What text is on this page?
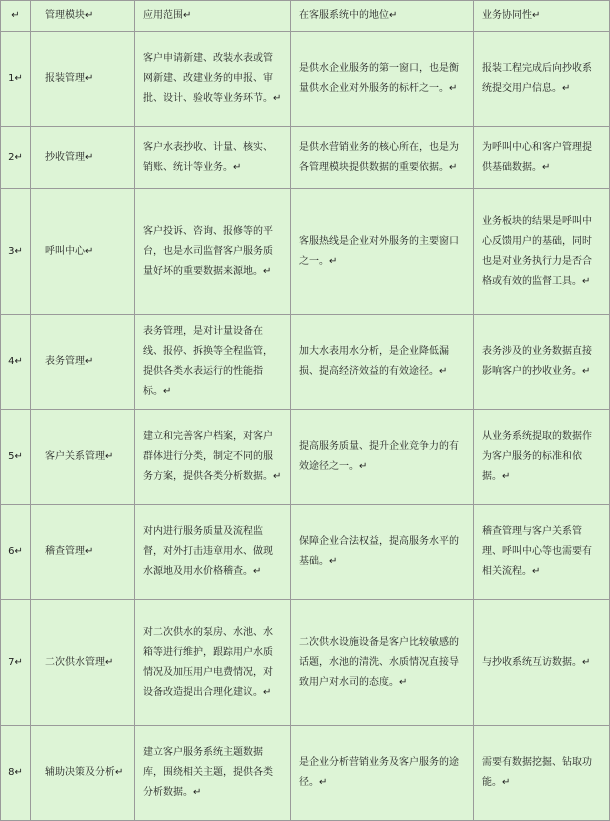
↵	管理模块↵	应用范围↵	在客服系统中的地位↵	业务协同性↵
1↵	报装管理↵	客户申请新建、改装水表或管网新建、改建业务的申报、审批、设计、验收等业务环节。↵	是供水企业服务的第一窗口，也是衡量供水企业对外服务的标杆之一。↵	报装工程完成后向抄收系统提交用户信息。↵
2↵	抄收管理↵	客户水表抄收、计量、核实、销账、统计等业务。↵	是供水营销业务的核心所在，也是为各管理模块提供数据的重要依据。↵	为呼叫中心和客户管理提供基础数据。↵
3↵	呼叫中心↵	客户投诉、咨询、报修等的平台，也是水司监督客户服务质量好坏的重要数据来源地。↵	客服热线是企业对外服务的主要窗口之一。↵	业务板块的结果是呼叫中心反馈用户的基础，同时也是对业务执行力是否合格或有效的监督工具。↵
4↵	表务管理↵	表务管理，是对计量设备在线、报停、拆换等全程监管，提供各类水表运行的性能指标。↵	加大水表用水分析，是企业降低漏损、提高经济效益的有效途径。↵	表务涉及的业务数据直接影响客户的抄收业务。↵
5↵	客户关系管理↵	建立和完善客户档案，对客户群体进行分类，制定不同的服务方案，提供各类分析数据。↵	提高服务质量、提升企业竞争力的有效途径之一。↵	从业务系统提取的数据作为客户服务的标准和依据。↵
6↵	稽查管理↵	对内进行服务质量及流程监督，对外打击违章用水、做现水源地及用水价格稽查。↵	保障企业合法权益，提高服务水平的基础。↵	稽查管理与客户关系管理、呼叫中心等也需要有相关流程。↵
7↵	二次供水管理↵	对二次供水的泵房、水池、水箱等进行维护，跟踪用户水质情况及加压用户电费情况，对设备改造提出合理化建议。↵	二次供水设施设备是客户比较敏感的话题，水池的清洗、水质情况直接导致用户对水司的态度。↵	与抄收系统互访数据。↵
8↵	辅助决策及分析↵	建立客户服务系统主题数据库，围绕相关主题，提供各类分析数据。↵	是企业分析营销业务及客户服务的途径。↵	需要有数据挖掘、钻取功能。↵
